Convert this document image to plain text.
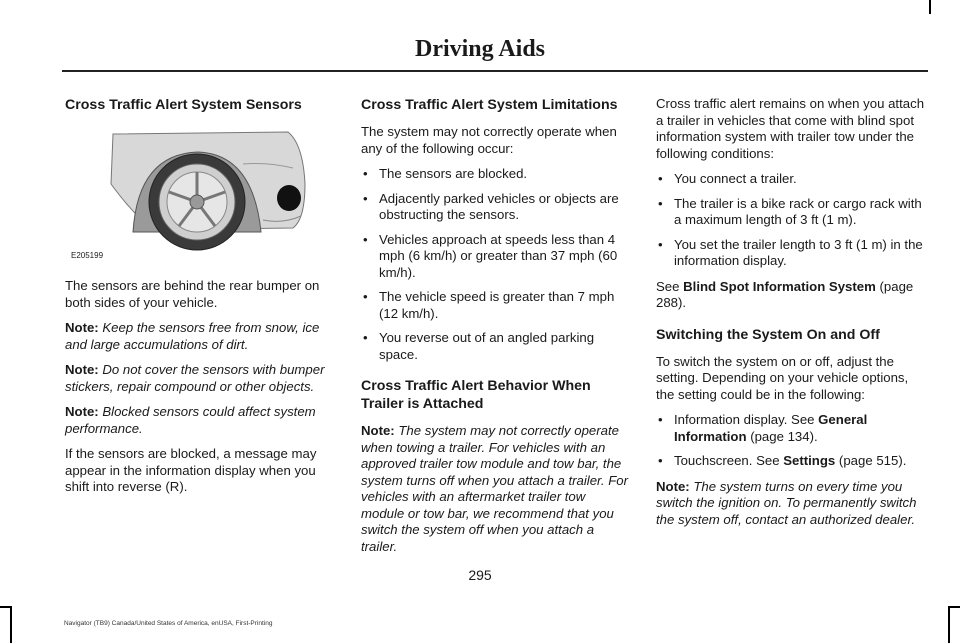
Driving Aids
Cross Traffic Alert System Sensors
E205199

The sensors are behind the rear bumper on both sides of your vehicle.

Note: Keep the sensors free from snow, ice and large accumulations of dirt.

Note: Do not cover the sensors with bumper stickers, repair compound or other objects.

Note: Blocked sensors could affect system performance.

If the sensors are blocked, a message may appear in the information display when you shift into reverse (R).

Cross Traffic Alert System Limitations

The system may not correctly operate when any of the following occur:

• The sensors are blocked.
• Adjacently parked vehicles or objects are obstructing the sensors.
• Vehicles approach at speeds less than 4 mph (6 km/h) or greater than 37 mph (60 km/h).
• The vehicle speed is greater than 7 mph (12 km/h).
• You reverse out of an angled parking space.
Cross Traffic Alert Behavior When Trailer is Attached

Note: The system may not correctly operate when towing a trailer. For vehicles with an approved trailer tow module and tow bar, the system turns off when you attach a trailer. For vehicles with an aftermarket trailer tow module or tow bar, we recommend that you switch the system off when you attach a trailer.

Cross traffic alert remains on when you attach a trailer in vehicles that come with blind spot information system with trailer tow under the following conditions:

• You connect a trailer.
• The trailer is a bike rack or cargo rack with a maximum length of 3 ft (1 m).
• You set the trailer length to 3 ft (1 m) in the information display.

See Blind Spot Information System (page 288).

Switching the System On and Off

To switch the system on or off, adjust the setting. Depending on your vehicle options, the setting could be in the following:

• Information display. See General Information (page 134).
• Touchscreen. See Settings (page 515).

Note: The system turns on every time you switch the ignition on. To permanently switch the system off, contact an authorized dealer.

295
Navigator (TB9) Canada/United States of America, enUSA, First-Printing
